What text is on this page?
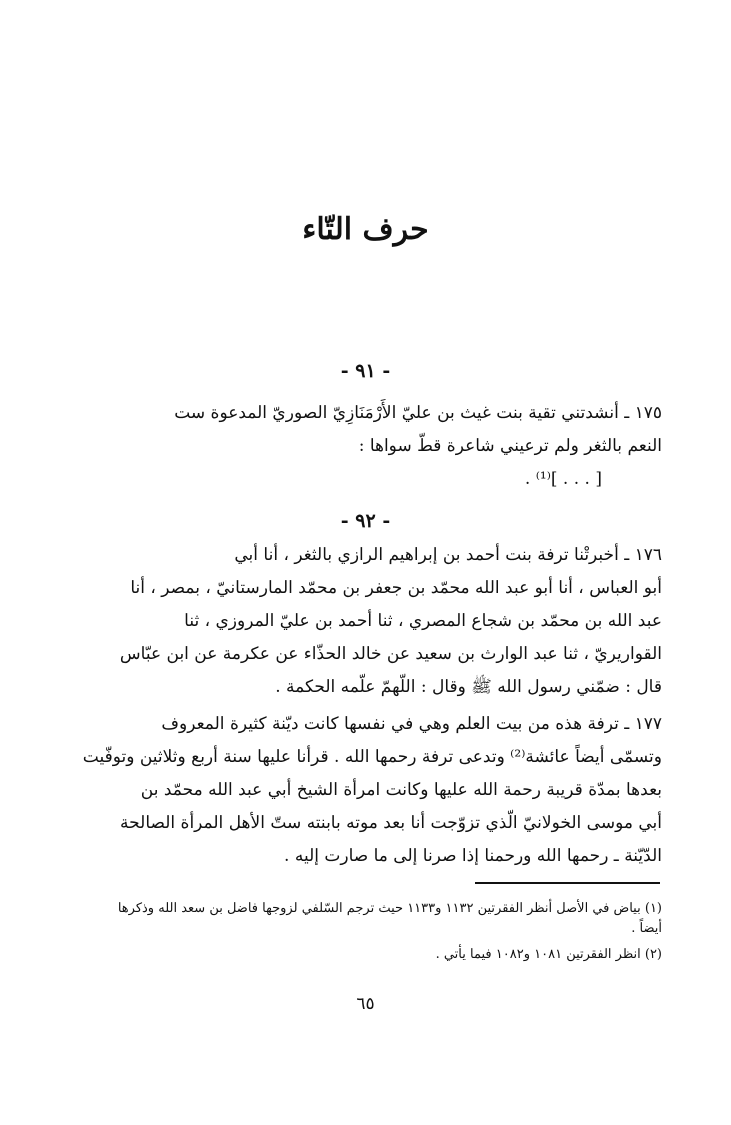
حرف التّاء
- ٩١ -
١٧٥ ـ أنشدتني تقية بنت غيث بن عليّ الأَرْمَنَازِيّ الصوريّ المدعوة ست
النعم بالثغر ولم ترعيني شاعرة قطّ سواها :
[ . . . ]⁽¹⁾ .
- ٩٢ -
١٧٦ ـ أخبرتْنا ترفة بنت أحمد بن إبراهيم الرازي بالثغر ، أنا أبي
أبو العباس ، أنا أبو عبد الله محمّد بن جعفر بن محمّد المارستانيّ ، بمصر ، أنا
عبد الله بن محمّد بن شجاع المصري ، ثنا أحمد بن عليّ المروزي ، ثنا
القواريريّ ، ثنا عبد الوارث بن سعيد عن خالد الحذّاء عن عكرمة عن ابن عبّاس
قال : ضمّني رسول الله ﷺ وقال : اللّهمّ علّمه الحكمة .
١٧٧ ـ ترفة هذه من بيت العلم وهي في نفسها كانت ديّنة كثيرة المعروف
وتسمّى أيضاً عائشة⁽²⁾ وتدعى ترفة رحمها الله . قرأنا عليها سنة أربع وثلاثين وتوفّيت
بعدها بمدّة قريبة رحمة الله عليها وكانت امرأة الشيخ أبي عبد الله محمّد بن
أبي موسى الخولانيّ الّذي تزوّجت أنا بعد موته بابنته ستّ الأهل المرأة الصالحة
الدّيّنة ـ رحمها الله ورحمنا إذا صرنا إلى ما صارت إليه .
(١) بياض في الأصل أنظر الفقرتين ١١٣٢ و١١٣٣ حيث ترجم السّلفي لزوجها فاضل بن سعد الله وذكرها
أيضاً .
(٢) انظر الفقرتين ١٠٨١ و١٠٨٢ فيما يأتي .
٦٥
